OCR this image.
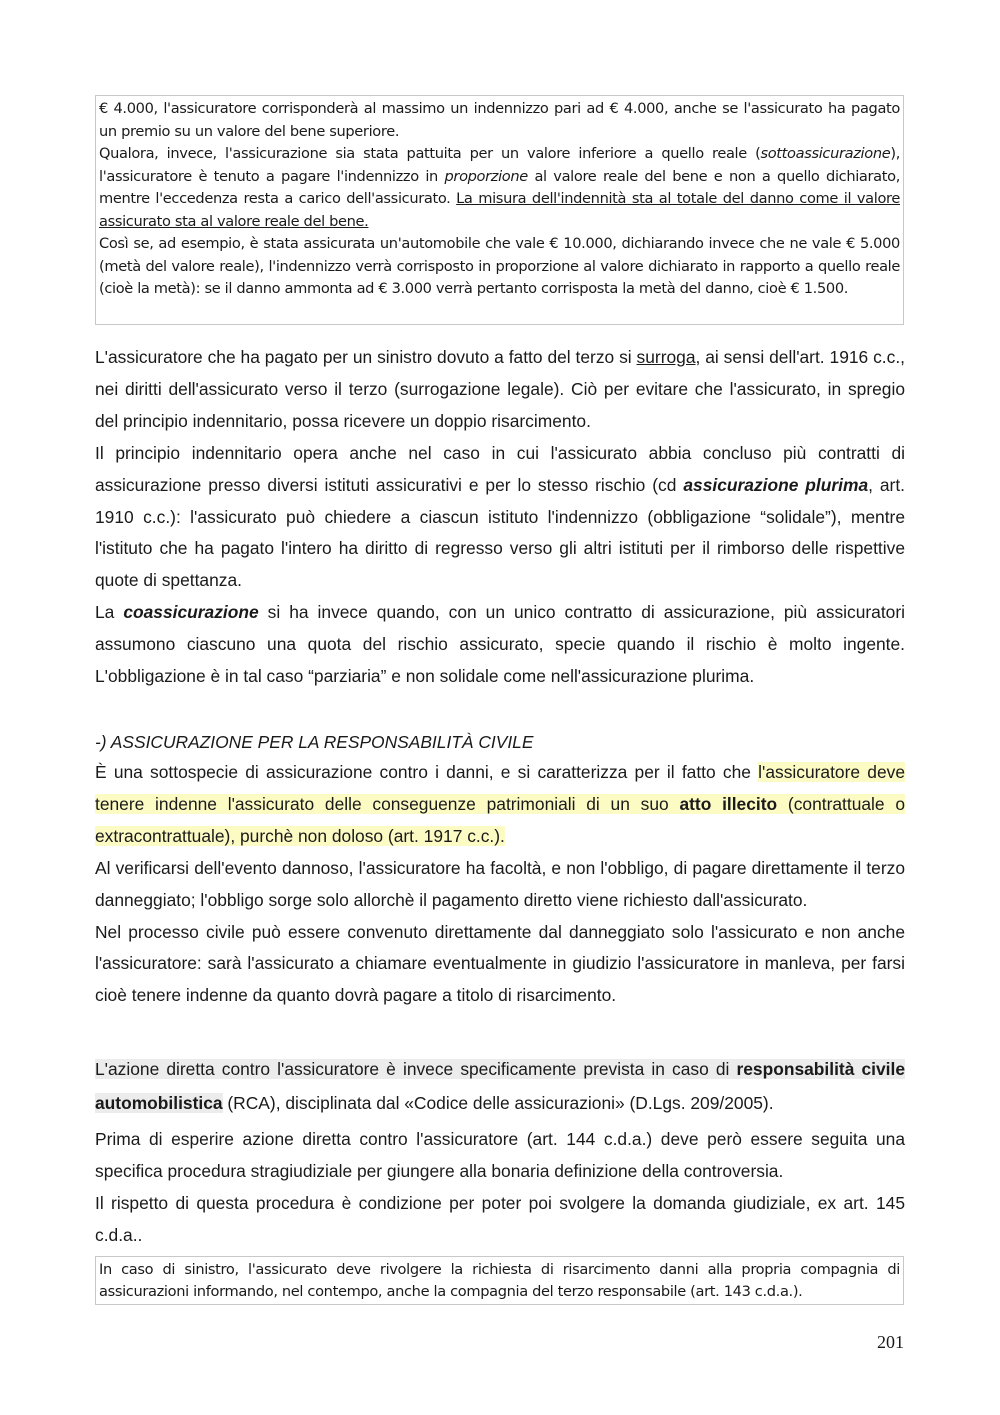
€ 4.000, l'assicuratore corrisponderà al massimo un indennizzo pari ad € 4.000, anche se l'assicurato ha pagato un premio su un valore del bene superiore.

Qualora, invece, l'assicurazione sia stata pattuita per un valore inferiore a quello reale (sottoassicurazione), l'assicuratore è tenuto a pagare l'indennizzo in proporzione al valore reale del bene e non a quello dichiarato, mentre l'eccedenza resta a carico dell'assicurato. La misura dell'indennità sta al totale del danno come il valore assicurato sta al valore reale del bene.

Così se, ad esempio, è stata assicurata un'automobile che vale € 10.000, dichiarando invece che ne vale € 5.000 (metà del valore reale), l'indennizzo verrà corrisposto in proporzione al valore dichiarato in rapporto a quello reale (cioè la metà): se il danno ammonta ad € 3.000 verrà pertanto corrisposta la metà del danno, cioè € 1.500.

L'assicuratore che ha pagato per un sinistro dovuto a fatto del terzo si surroga, ai sensi dell'art. 1916 c.c., nei diritti dell'assicurato verso il terzo (surrogazione legale). Ciò per evitare che l'assicurato, in spregio del principio indennitario, possa ricevere un doppio risarcimento.

Il principio indennitario opera anche nel caso in cui l'assicurato abbia concluso più contratti di assicurazione presso diversi istituti assicurativi e per lo stesso rischio (cd assicurazione plurima, art. 1910 c.c.): l'assicurato può chiedere a ciascun istituto l'indennizzo (obbligazione “solidale”), mentre l'istituto che ha pagato l'intero ha diritto di regresso verso gli altri istituti per il rimborso delle rispettive quote di spettanza.

La coassicurazione si ha invece quando, con un unico contratto di assicurazione, più assicuratori assumono ciascuno una quota del rischio assicurato, specie quando il rischio è molto ingente. L'obbligazione è in tal caso “parziaria” e non solidale come nell'assicurazione plurima.

-) ASSICURAZIONE PER LA RESPONSABILITÀ CIVILE

È una sottospecie di assicurazione contro i danni, e si caratterizza per il fatto che l'assicuratore deve tenere indenne l'assicurato delle conseguenze patrimoniali di un suo atto illecito (contrattuale o extracontrattuale), purchè non doloso (art. 1917 c.c.).

Al verificarsi dell'evento dannoso, l'assicuratore ha facoltà, e non l'obbligo, di pagare direttamente il terzo danneggiato; l'obbligo sorge solo allorchè il pagamento diretto viene richiesto dall'assicurato.

Nel processo civile può essere convenuto direttamente dal danneggiato solo l'assicurato e non anche l'assicuratore: sarà l'assicurato a chiamare eventualmente in giudizio l'assicuratore in manleva, per farsi cioè tenere indenne da quanto dovrà pagare a titolo di risarcimento.

L'azione diretta contro l'assicuratore è invece specificamente prevista in caso di responsabilità civile automobilistica (RCA), disciplinata dal «Codice delle assicurazioni» (D.Lgs. 209/2005).

Prima di esperire azione diretta contro l'assicuratore (art. 144 c.d.a.) deve però essere seguita una specifica procedura stragiudiziale per giungere alla bonaria definizione della controversia.

Il rispetto di questa procedura è condizione per poter poi svolgere la domanda giudiziale, ex art. 145 c.d.a..

In caso di sinistro, l'assicurato deve rivolgere la richiesta di risarcimento danni alla propria compagnia di assicurazioni informando, nel contempo, anche la compagnia del terzo responsabile (art. 143 c.d.a.).

201
